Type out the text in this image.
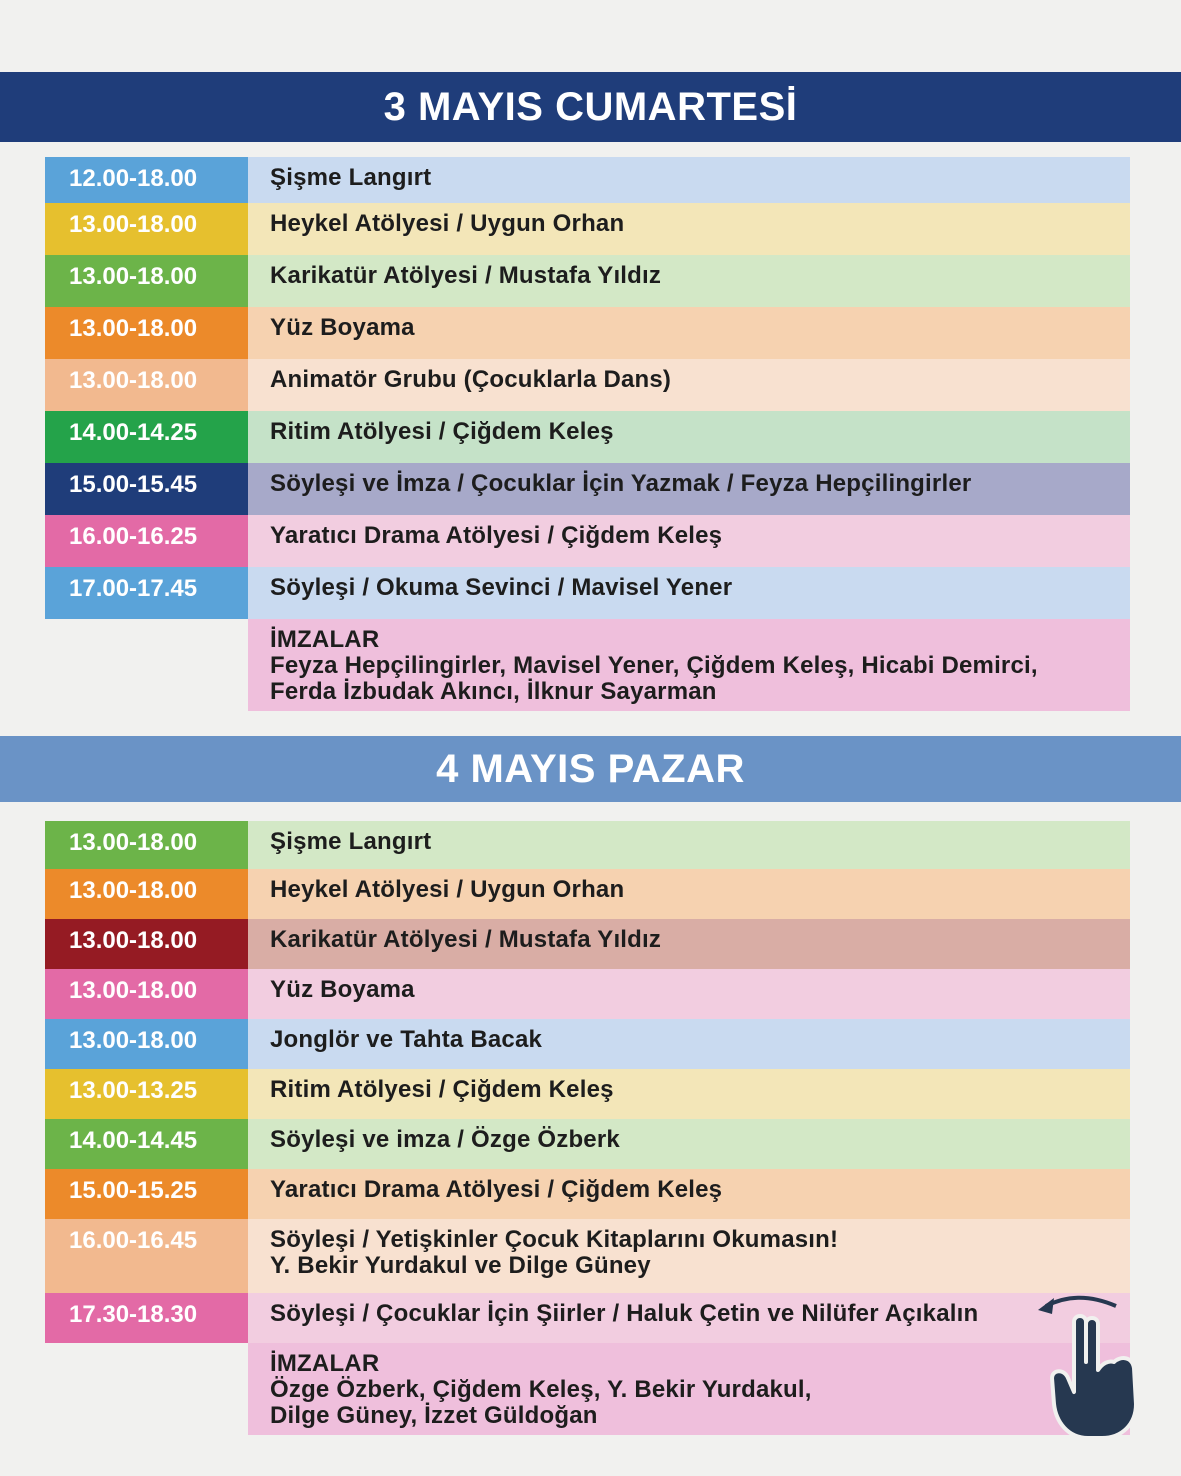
3 MAYIS CUMARTESİ
12.00-18.00	Şişme Langırt
13.00-18.00	Heykel Atölyesi / Uygun Orhan
13.00-18.00	Karikatür Atölyesi / Mustafa Yıldız
13.00-18.00	Yüz Boyama
13.00-18.00	Animatör Grubu (Çocuklarla Dans)
14.00-14.25	Ritim Atölyesi / Çiğdem Keleş
15.00-15.45	Söyleşi ve İmza / Çocuklar İçin Yazmak / Feyza Hepçilingirler
16.00-16.25	Yaratıcı Drama Atölyesi / Çiğdem Keleş
17.00-17.45	Söyleşi / Okuma Sevinci / Mavisel Yener
İMZALAR
Feyza Hepçilingirler, Mavisel Yener, Çiğdem Keleş, Hicabi Demirci,
Ferda İzbudak Akıncı, İlknur Sayarman
4 MAYIS PAZAR
13.00-18.00	Şişme Langırt
13.00-18.00	Heykel Atölyesi / Uygun Orhan
13.00-18.00	Karikatür Atölyesi / Mustafa Yıldız
13.00-18.00	Yüz Boyama
13.00-18.00	Jonglör ve Tahta Bacak
13.00-13.25	Ritim Atölyesi / Çiğdem Keleş
14.00-14.45	Söyleşi ve imza / Özge Özberk
15.00-15.25	Yaratıcı Drama Atölyesi / Çiğdem Keleş
16.00-16.45	Söyleşi / Yetişkinler Çocuk Kitaplarını Okumasın!
Y. Bekir Yurdakul ve Dilge Güney
17.30-18.30	Söyleşi / Çocuklar İçin Şiirler / Haluk Çetin ve Nilüfer Açıkalın
İMZALAR
Özge Özberk, Çiğdem Keleş, Y. Bekir Yurdakul,
Dilge Güney, İzzet Güldoğan
